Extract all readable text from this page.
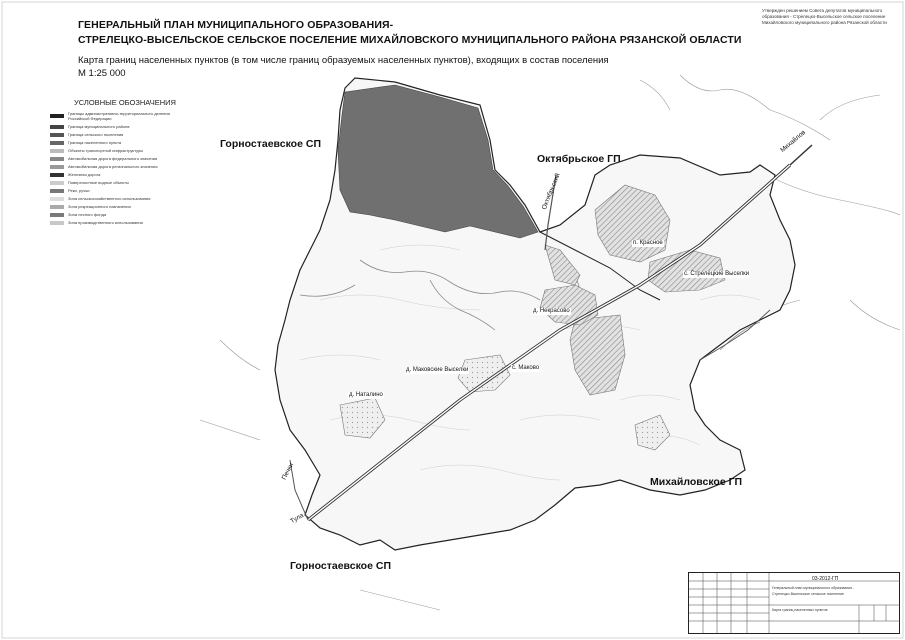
ГЕНЕРАЛЬНЫЙ ПЛАН МУНИЦИПАЛЬНОГО ОБРАЗОВАНИЯ-
СТРЕЛЕЦКО-ВЫСЕЛЬСКОЕ СЕЛЬСКОЕ ПОСЕЛЕНИЕ МИХАЙЛОВСКОГО МУНИЦИПАЛЬНОГО РАЙОНА РЯЗАНСКОЙ ОБЛАСТИ
Карта границ населенных пунктов (в том числе границ образуемых населенных пунктов), входящих в состав поселения
М 1:25 000
Утвержден решением Совета депутатов муниципального образования - Стрелецко-Высельское сельское поселение Михайловского муниципального района Рязанской области
УСЛОВНЫЕ ОБОЗНАЧЕНИЯ
Границы административно-территориального деления Российской Федерации
Граница муниципального района
Граница сельского поселения
Граница населенного пункта
Объекты транспортной инфраструктуры
Автомобильная дорога федерального значения
Автомобильная дорога регионального значения
Железная дорога
Поверхностные водные объекты
Реки, ручьи
Зона сельскохозяйственного использования
Зона рекреационного назначения
Зона лесного фонда
Зона производственного использования
Горностаевское СП
Октябрьское ГП
Михайловское ГП
Горностаевское СП
с. Стрелецкие Выселки
п. Красное
д. Некрасово
с. Маково
д. Маковские Выселки
д. Наталино
Михайлов
Октябрьский
Тула
Печки
03-2012-ГП
Генеральный план муниципального образования -
Стрелецко-Высельское сельское поселение
Карта границ населенных пунктов
